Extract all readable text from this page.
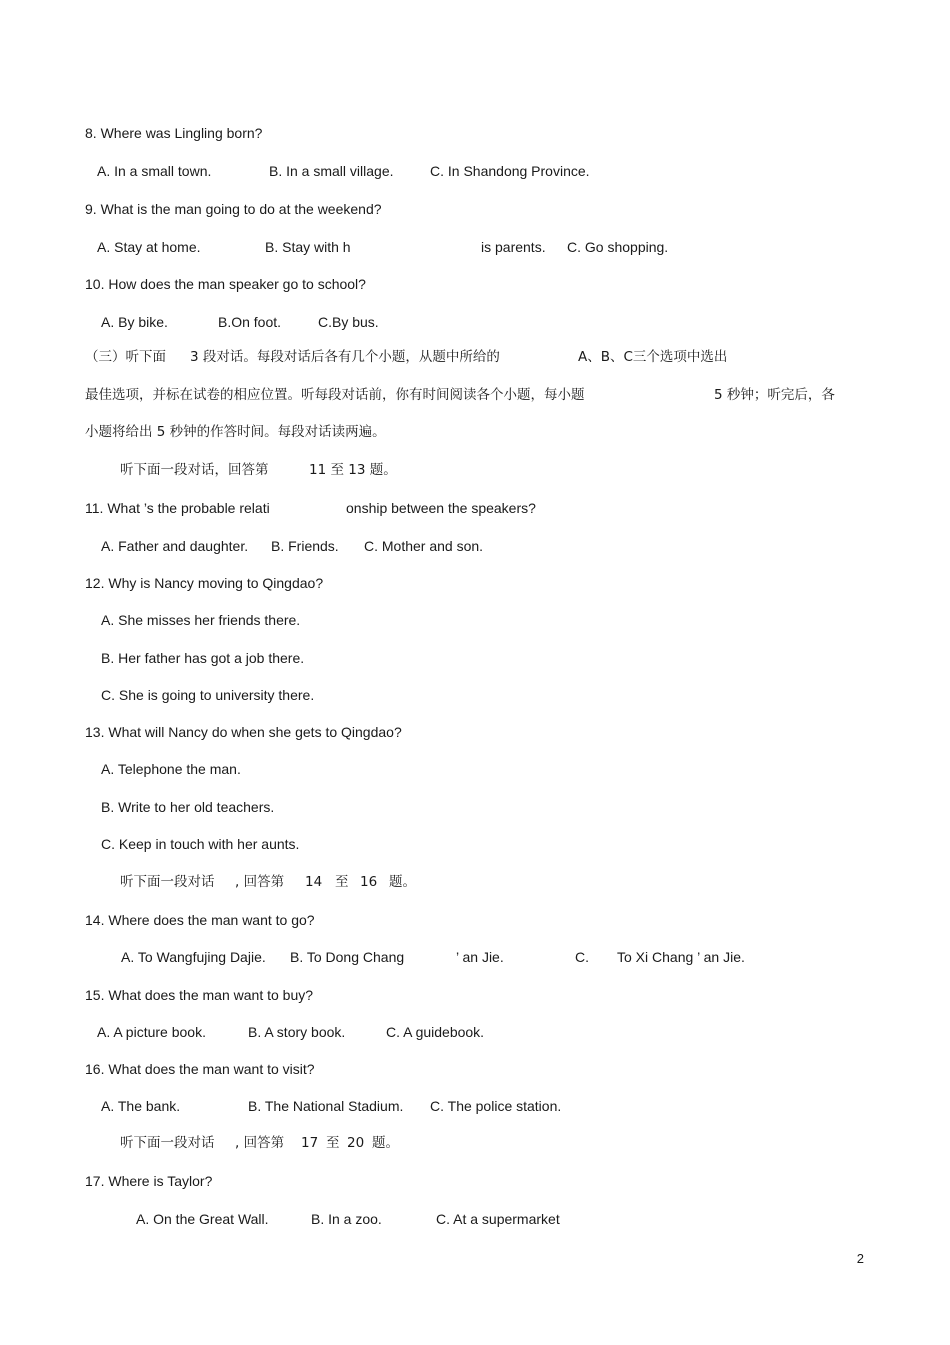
8. Where was Lingling born?
A. In a small town.	B. In a small village.	C. In Shandong Province.
9. What is the man going to do at the weekend?
A. Stay at home.	B. Stay with h	is parents. C. Go shopping.
10. How does the man speaker go to school?
A. By bike.	B.On foot.	C.By bus.
（三）听下面 3 段对话。每段对话后各有几个小题，从题中所给的	A、B、C三个选项中选出
最佳选项，并标在试卷的相应位置。听每段对话前，你有时间阅读各个小题，每小题	5 秒钟；听完后，各
小题将给出 5 秒钟的作答时间。每段对话读两遍。
听下面一段对话，回答第	11 至 13 题。
11. What ’s the probable relati	onship between the speakers?
A. Father and daughter. B. Friends. C. Mother and son.
12. Why is Nancy moving to Qingdao?
A. She misses her friends there.
B. Her father has got a job there.
C. She is going to university there.
13. What will Nancy do when she gets to Qingdao?
A. Telephone the man.
B. Write to her old teachers.
C. Keep in touch with her aunts.
听下面一段对话 , 回答第 14 至 16 题。
14. Where does the man want to go?
A. To Wangfujing Dajie. B. To Dong Chang	’ an Jie.	C. To Xi Chang ’ an Jie.
15. What does the man want to buy?
A. A picture book.	B. A story book.	C. A guidebook.
16. What does the man want to visit?
A. The bank.	B. The National Stadium. C. The police station.
听下面一段对话 , 回答第 17 至 20 题。
17. Where is Taylor?
A. On the Great Wall.	B. In a zoo.	C. At a supermarket
2
